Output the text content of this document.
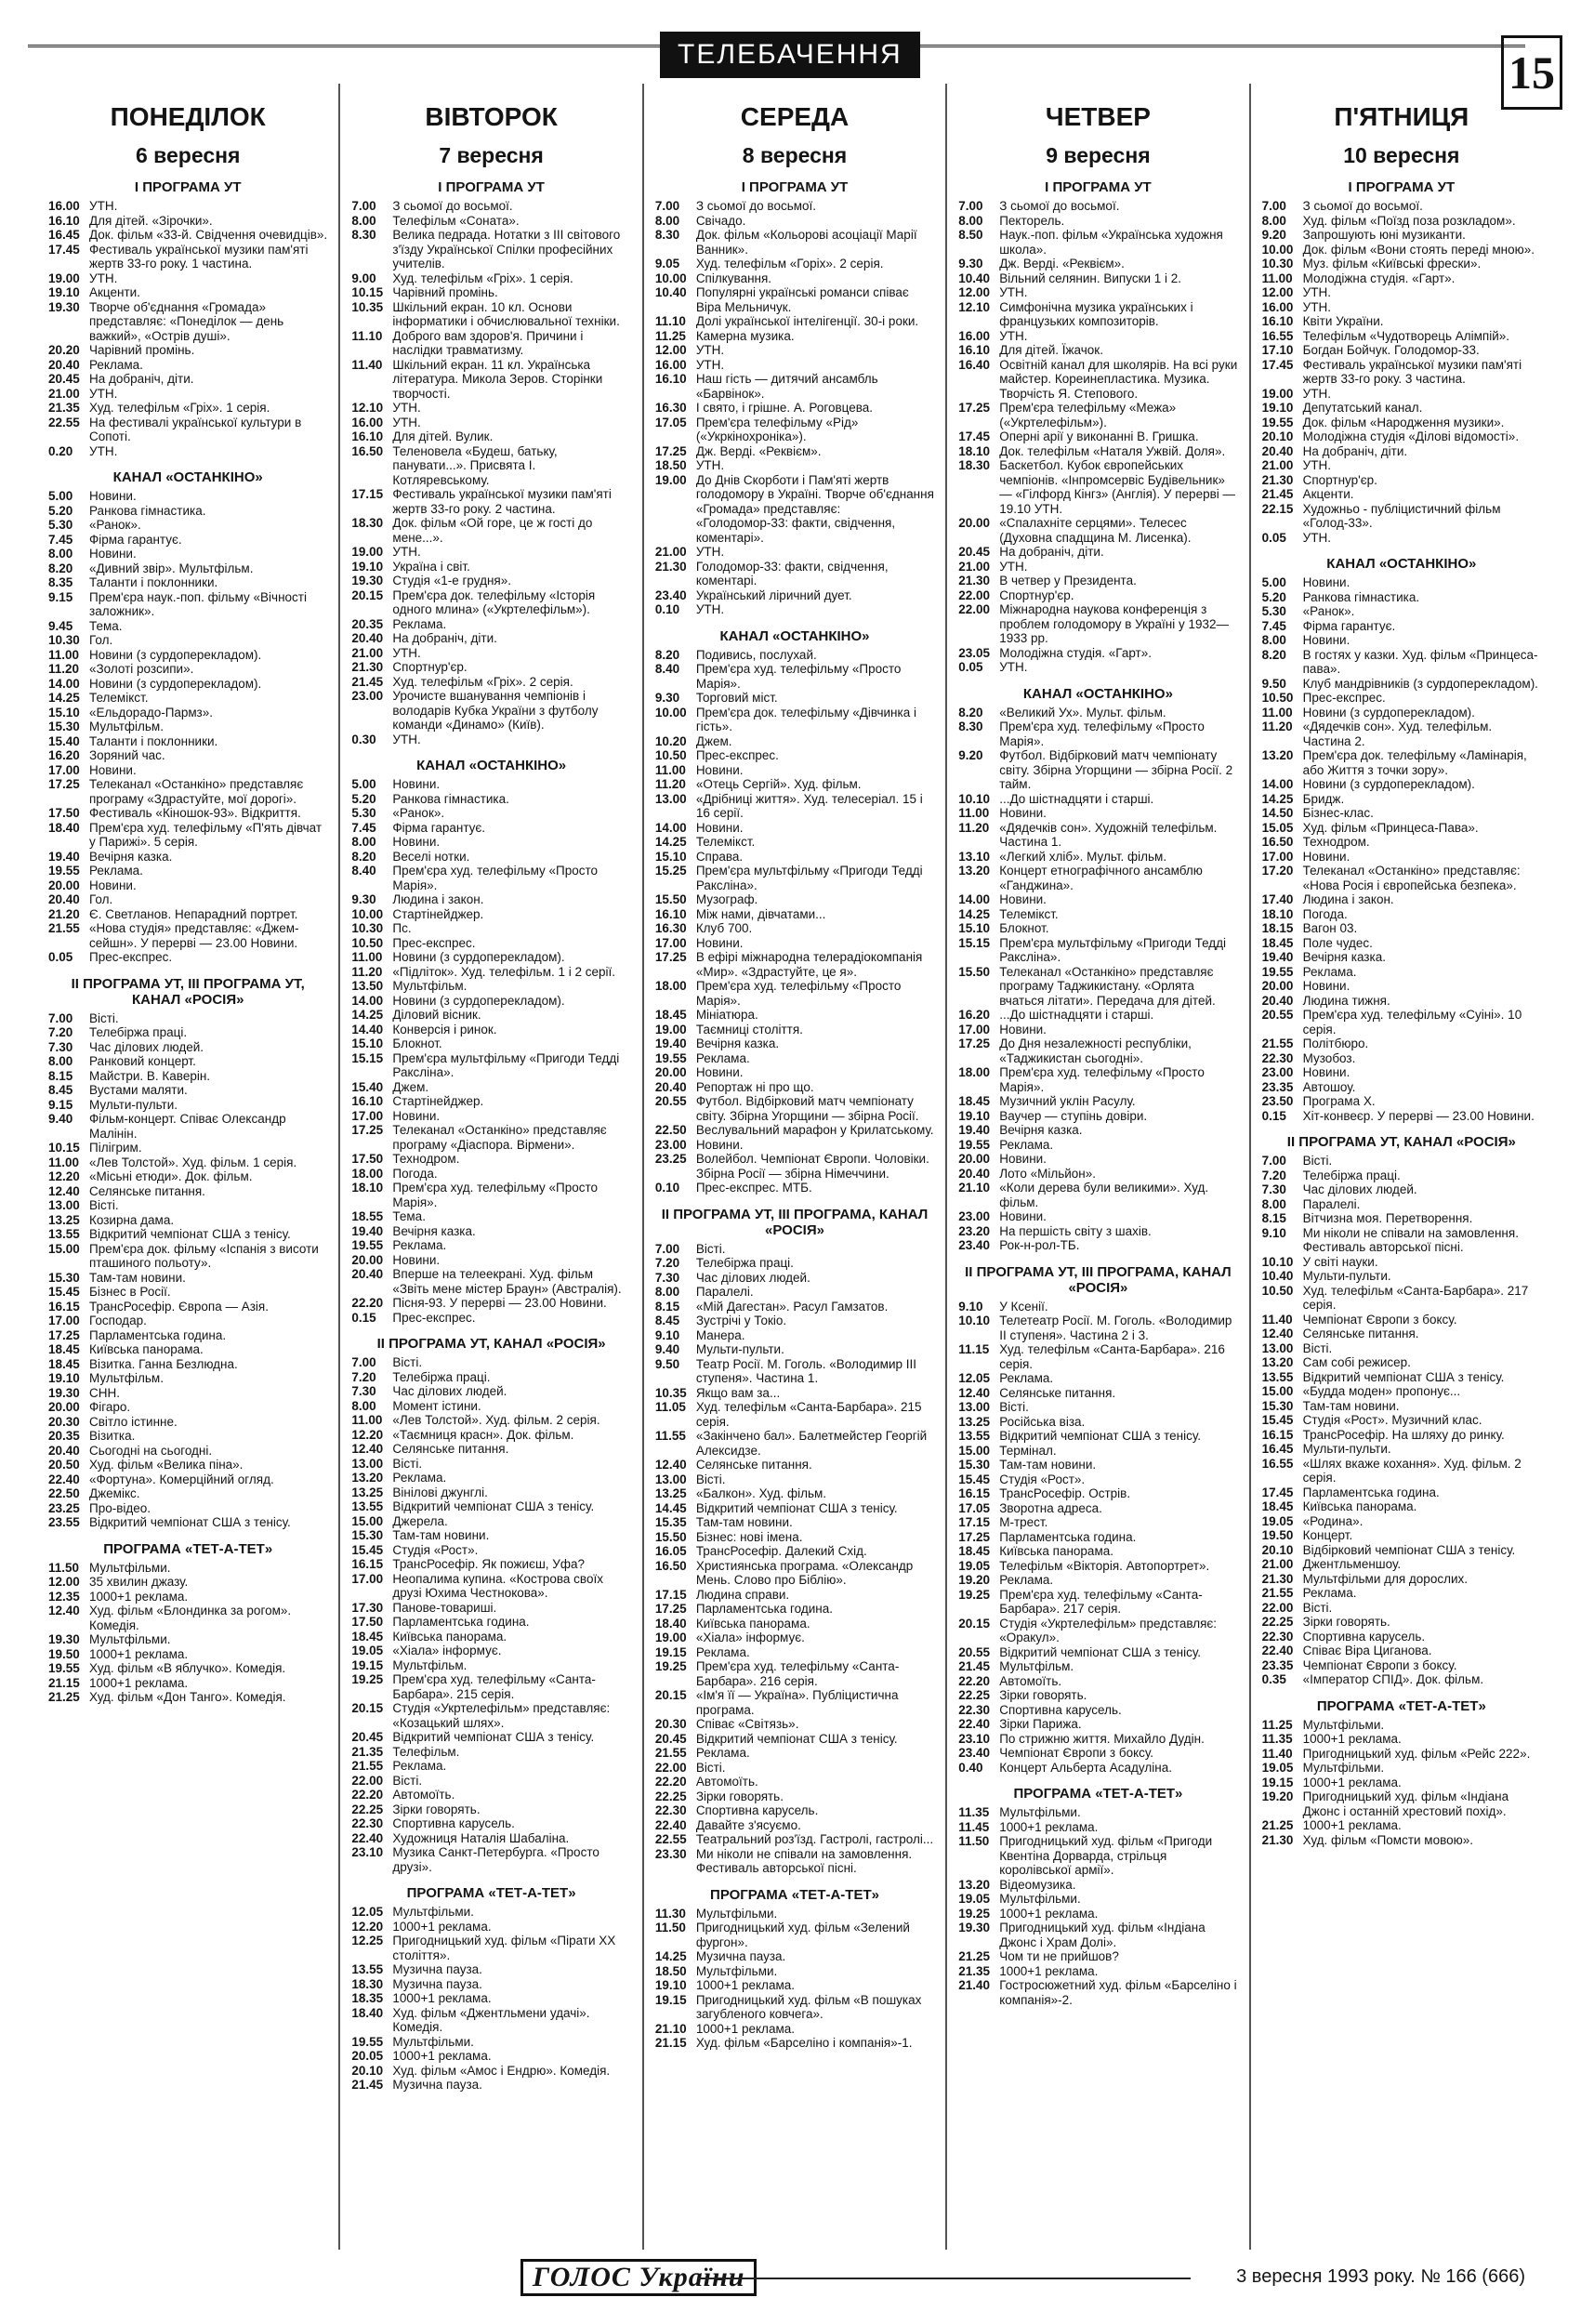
ТЕЛЕБАЧЕННЯ	15
ПОНЕДІЛОК
6 вересня
І ПРОГРАМА УТ
16.00 УТН.
16.10 Для дітей. «Зірочки».
16.45 Док. фільм «33-й. Свідчення очевидців».
17.45 Фестиваль української музики пам'яті жертв 33-го року. 1 частина.
19.00 УТН.
19.10 Акценти.
19.30 Творче об'єднання «Громада» представляє: «Понеділок — день важкий», «Острів душі».
20.20 Чарівний промінь.
20.40 Реклама.
20.45 На добраніч, діти.
21.00 УТН.
21.35 Худ. телефільм «Гріх». 1 серія.
22.55 На фестивалі української культури в Сопоті.
0.20	УТН.
КАНАЛ «ОСТАНКІНО»
5.00	Новини.
5.20	Ранкова гімнастика.
5.30	«Ранок».
7.45	Фірма гарантує.
8.00	Новини.
8.20	«Дивний звір». Мультфільм.
8.35	Таланти і поклонники.
9.15	Прем'єра наук.-поп. фільму «Вічності заложник».
9.45	Тема.
10.30 Гол.
11.00 Новини (з сурдоперекладом).
11.20 «Золоті розсипи».
14.00 Новини (з сурдоперекладом).
14.25 Телемікст.
15.10 «Ельдорадо-Пармз».
15.30 Мультфільм.
15.40 Таланти і поклонники.
16.20 Зоряний час.
17.00 Новини.
17.25 Телеканал «Останкіно» представляє програму «Здрастуйте, мої дорогі».
17.50 Фестиваль «Кіношок-93». Відкриття.
18.40 Прем'єра худ. телефільму «П'ять дівчат у Парижі». 5 серія.
19.40 Вечірня казка.
19.55 Реклама.
20.00 Новини.
20.40 Гол.
21.20 Є. Светланов. Непарадний портрет.
21.55 «Нова студія» представляє: «Джем-сейшн». У перерві — 23.00 Новини.
0.05	Прес-експрес.
ІІ ПРОГРАМА УТ, ІІІ ПРОГРАМА УТ, КАНАЛ «РОСІЯ»
7.00	Вісті.
7.20	Телебіржа праці.
7.30	Час ділових людей.
8.00	Ранковий концерт.
8.15	Майстри. В. Каверін.
8.45	Вустами маляти.
9.15	Мульти-пульти.
9.40	Фільм-концерт. Співає Олександр Малінін.
10.15 Пілігрим.
11.00 «Лев Толстой». Худ. фільм. 1 серія.
12.20 «Місьні етюди». Док. фільм.
12.40 Селянське питання.
13.00 Вісті.
13.25 Козирна дама.
13.55 Відкритий чемпіонат США з тенісу.
15.00 Прем'єра док. фільму «Іспанія з висоти пташиного польоту».
15.30 Там-там новини.
15.45 Бізнес в Росії.
16.15 ТрансРосефір. Європа — Азія.
17.00 Господар.
17.25 Парламентська година.
18.45 Київська панорама.
18.45 Візитка. Ганна Безлюдна.
19.10 Мультфільм.
19.30 СНН.
20.00 Фігаро.
20.30 Світло істинне.
20.35 Візитка.
20.40 Сьогодні на сьогодні.
20.50 Худ. фільм «Велика піна».
22.40 «Фортуна». Комерційний огляд.
22.50 Джемікс.
23.25 Про-відео.
23.55 Відкритий чемпіонат США з тенісу.
ПРОГРАМА «ТЕТ-А-ТЕТ»
11.50 Мультфільми.
12.00 35 хвилин джазу.
12.35 1000+1 реклама.
12.40 Худ. фільм «Блондинка за рогом». Комедія.
19.30 Мультфільми.
19.50 1000+1 реклама.
19.55 Худ. фільм «В яблучко». Комедія.
21.15 1000+1 реклама.
21.25 Худ. фільм «Дон Танго». Комедія.
ВІВТОРОК
7 вересня
І ПРОГРАМА УТ
7.00	З сьомої до восьмої.
8.00	Телефільм «Соната».
8.30	Велика педрада. Нотатки з ІІІ світового з'їзду Української Спілки професійних учителів.
9.00	Худ. телефільм «Гріх». 1 серія.
10.15 Чарівний промінь.
10.35 Шкільний екран. 10 кл. Основи інформатики і обчислювальної техніки.
11.10 Доброго вам здоров'я. Причини і наслідки травматизму.
11.40 Шкільний екран. 11 кл. Українська література. Микола Зеров. Сторінки творчості.
12.10 УТН.
16.00 УТН.
16.10 Для дітей. Вулик.
16.50 Теленовела «Будеш, батьку, панувати...». Присвята І. Котляревському.
17.15 Фестиваль української музики пам'яті жертв 33-го року. 2 частина.
18.30 Док. фільм «Ой горе, це ж гості до мене...».
19.00 УТН.
19.10 Україна і світ.
19.30 Студія «1-е грудня».
20.15 Прем'єра док. телефільму «Історія одного млина» («Укртелефільм»).
20.35 Реклама.
20.40 На добраніч, діти.
21.00 УТН.
21.30 Спортнур'єр.
21.45 Худ. телефільм «Гріх». 2 серія.
23.00 Урочисте вшанування чемпіонів і володарів Кубка України з футболу команди «Динамо» (Київ).
0.30	УТН.
КАНАЛ «ОСТАНКІНО»
5.00	Новини.
5.20	Ранкова гімнастика.
5.30	«Ранок».
7.45	Фірма гарантує.
8.00	Новини.
8.20	Веселі нотки.
8.40	Прем'єра худ. телефільму «Просто Марія».
9.30	Людина і закон.
10.00 Стартінейджер.
10.30 Пс.
10.50 Прес-експрес.
11.00 Новини (з сурдоперекладом).
11.20 «Підліток». Худ. телефільм. 1 і 2 серії.
13.50 Мультфільм.
14.00 Новини (з сурдоперекладом).
14.25 Діловий вісник.
14.40 Конверсія і ринок.
15.10 Блокнот.
15.15 Прем'єра мультфільму «Пригоди Тедді Раксліна».
15.40 Джем.
16.10 Стартінейджер.
17.00 Новини.
17.25 Телеканал «Останкіно» представляє програму «Діаспора. Вірмени».
17.50 Технодром.
18.00 Погода.
18.10 Прем'єра худ. телефільму «Просто Марія».
18.55 Тема.
19.40 Вечірня казка.
19.55 Реклама.
20.00 Новини.
20.40 Вперше на телеекрані. Худ. фільм «Звіть мене містер Браун» (Австралія).
22.20 Пісня-93. У перерві — 23.00 Новини.
0.15	Прес-експрес.
ІІ ПРОГРАМА УТ, КАНАЛ «РОСІЯ»
7.00	Вісті.
7.20	Телебіржа праці.
7.30	Час ділових людей.
8.00	Момент істини.
11.00 «Лев Толстой». Худ. фільм. 2 серія.
12.20 «Таємниця красн». Док. фільм.
12.40 Селянське питання.
13.00 Вісті.
13.20 Реклама.
13.25 Вінілові джунглі.
13.55 Відкритий чемпіонат США з тенісу.
15.00 Джерела.
15.30 Там-там новини.
15.45 Студія «Рост».
16.15 ТрансРосефір. Як пожиєш, Уфа?
17.00 Неопалима купина. «Кострова своїх друзі Юхима Честнокова».
17.30 Панове-товариші.
17.50 Парламентська година.
18.45 Київська панорама.
19.05 «Хіала» інформує.
19.15 Мультфільм.
19.25 Прем'єра худ. телефільму «Санта-Барбара». 215 серія.
20.15 Студія «Укртелефільм» представляє: «Козацький шлях».
20.45 Відкритий чемпіонат США з тенісу.
21.35 Телефільм.
21.55 Реклама.
22.00 Вісті.
22.20 Автомоїть.
22.25 Зірки говорять.
22.30 Спортивна карусель.
22.40 Художниця Наталія Шабаліна.
23.10 Музика Санкт-Петербурга. «Просто друзі».
ПРОГРАМА «ТЕТ-А-ТЕТ»
12.05 Мультфільми.
12.20 1000+1 реклама.
12.25 Пригодницький худ. фільм «Пірати XX століття».
13.55 Музична пауза.
18.30 Музична пауза.
18.35 1000+1 реклама.
18.40 Худ. фільм «Джентльмени удачі». Комедія.
19.55 Мультфільми.
20.05 1000+1 реклама.
20.10 Худ. фільм «Амос і Ендрю». Комедія.
21.45 Музична пауза.
СЕРЕДА
8 вересня
І ПРОГРАМА УТ
7.00	З сьомої до восьмої.
8.00	Свічадо.
8.30	Док. фільм «Кольорові асоціації Марії Ванник».
9.05	Худ. телефільм «Горіх». 2 серія.
10.00 Спілкування.
10.40 Популярні українські романси співає Віра Мельничук.
11.10 Долі української інтелігенції. 30-і роки.
11.25 Камерна музика.
12.00 УТН.
16.00 УТН.
16.10 Наш гість — дитячий ансамбль «Барвінок».
16.30 І свято, і грішне. А. Роговцева.
17.05 Прем'єра телефільму «Рід» («Укркінохроніка»).
17.25 Дж. Верді. «Реквієм».
18.50 УТН.
19.00 До Днів Скорботи і Пам'яті жертв голодомору в Україні. Творче об'єднання «Громада» представляє: «Голодомор-33: факти, свідчення, коментарі».
21.00 УТН.
21.30 Голодомор-33: факти, свідчення, коментарі.
23.40 Український ліричний дует.
0.10	УТН.
КАНАЛ «ОСТАНКІНО»
8.20	Подивись, послухай.
8.40	Прем'єра худ. телефільму «Просто Марія».
9.30	Торговий міст.
10.00 Прем'єра док. телефільму «Дівчинка і гість».
10.20 Джем.
10.50 Прес-експрес.
11.00 Новини.
11.20 «Отець Сергій». Худ. фільм.
13.00 «Дрібниці життя». Худ. телесеріал. 15 і 16 серії.
14.00 Новини.
14.25 Телемікст.
15.10 Справа.
15.25 Прем'єра мультфільму «Пригоди Тедді Раксліна».
15.50 Музограф.
16.10 Між нами, дівчатами...
16.30 Клуб 700.
17.00 Новини.
17.25 В ефірі міжнародна телерадіокомпанія «Мир». «Здрастуйте, це я».
18.00 Прем'єра худ. телефільму «Просто Марія».
18.45 Мініатюра.
19.00 Таємниці століття.
19.40 Вечірня казка.
19.55 Реклама.
20.00 Новини.
20.40 Репортаж ні про що.
20.55 Футбол. Відбірковий матч чемпіонату світу. Збірна Угорщини — збірна Росії.
22.50 Веслувальний марафон у Крилатському.
23.00 Новини.
23.25 Волейбол. Чемпіонат Європи. Чоловіки. Збірна Росії — збірна Німеччини.
0.10	Прес-експрес. МТБ.
ІІ ПРОГРАМА УТ, ІІІ ПРОГРАМА, КАНАЛ «РОСІЯ»
7.00	Вісті.
7.20	Телебіржа праці.
7.30	Час ділових людей.
8.00	Паралелі.
8.15	«Мій Дагестан». Расул Гамзатов.
8.45	Зустрічі у Токіо.
9.10	Манера.
9.40	Мульти-пульти.
9.50	Театр Росії. М. Гоголь. «Володимир ІІІ ступеня». Частина 1.
10.35 Якщо вам за...
11.05 Худ. телефільм «Санта-Барбара». 215 серія.
11.55 «Закінчено бал». Балетмейстер Георгій Алексидзе.
12.40 Селянське питання.
13.00 Вісті.
13.25 «Балкон». Худ. фільм.
14.45 Відкритий чемпіонат США з тенісу.
15.35 Там-там новини.
15.50 Бізнес: нові імена.
16.05 ТрансРосефір. Далекий Схід.
16.50 Християнська програма. «Олександр Мень. Слово про Біблію».
17.15 Людина справи.
17.25 Парламентська година.
18.40 Київська панорама.
19.00 «Хіала» інформує.
19.15 Реклама.
19.25 Прем'єра худ. телефільму «Санта-Барбара». 216 серія.
20.15 «Ім'я її — Україна». Публіцистична програма.
20.30 Співає «Світязь».
20.45 Відкритий чемпіонат США з тенісу.
21.55 Реклама.
22.00 Вісті.
22.20 Автомоїть.
22.25 Зірки говорять.
22.30 Спортивна карусель.
22.40 Давайте з'ясуємо.
22.55 Театральний роз'їзд. Гастролі, гастролі...
23.30 Ми ніколи не співали на замовлення. Фестиваль авторської пісні.
ПРОГРАМА «ТЕТ-А-ТЕТ»
11.30 Мультфільми.
11.50 Пригодницький худ. фільм «Зелений фургон».
14.25 Музична пауза.
18.50 Мультфільми.
19.10 1000+1 реклама.
19.15 Пригодницький худ. фільм «В пошуках загубленого ковчега».
21.10 1000+1 реклама.
21.15 Худ. фільм «Барселіно і компанія»-1.
ЧЕТВЕР
9 вересня
І ПРОГРАМА УТ
7.00	З сьомої до восьмої.
8.00	Пекторель.
8.50	Наук.-поп. фільм «Українська художня школа».
9.30	Дж. Верді. «Реквієм».
10.40 Вільний селянин. Випуски 1 і 2.
12.00 УТН.
12.10 Симфонічна музика українських і французьких композиторів.
16.00 УТН.
16.10 Для дітей. Їжачок.
16.40 Освітній канал для школярів. На всі руки майстер. Кореинепластика. Музика. Творчість Я. Степового.
17.25 Прем'єра телефільму «Межа» («Укртелефільм»).
17.45 Оперні арії у виконанні В. Гришка.
18.10 Док. телефільм «Наталя Ужвій. Доля».
18.30 Баскетбол. Кубок європейських чемпіонів. «Інпромсервіс Будівельник» — «Гілфорд Кінгз» (Англія). У перерві — 19.10 УТН.
20.00 «Спалахніте серцями». Телесес (Духовна спадщина М. Лисенка).
20.45 На добраніч, діти.
21.00 УТН.
21.30 В четвер у Президента.
22.00 Спортнур'єр.
22.00 Міжнародна наукова конференція з проблем голодомору в Україні у 1932—1933 рр.
23.05 Молодіжна студія. «Гарт».
0.05	УТН.
КАНАЛ «ОСТАНКІНО»
8.20	«Великий Ух». Мульт. фільм.
8.30	Прем'єра худ. телефільму «Просто Марія».
9.20	Футбол. Відбірковий матч чемпіонату світу. Збірна Угорщини — збірна Росії. 2 тайм.
10.10 ...До шістнадцяти і старші.
11.00 Новини.
11.20 «Дядечків сон». Художній телефільм. Частина 1.
13.10 «Легкий хліб». Мульт. фільм.
13.20 Концерт етнографічного ансамблю «Ганджина».
14.00 Новини.
14.25 Телемікст.
15.10 Блокнот.
15.15 Прем'єра мультфільму «Пригоди Тедді Раксліна».
15.50 Телеканал «Останкіно» представляє програму Таджикистану. «Орлята вчаться літати». Передача для дітей.
16.20 ...До шістнадцяти і старші.
17.00 Новини.
17.25 До Дня незалежності республіки, «Таджикистан сьогодні».
18.00 Прем'єра худ. телефільму «Просто Марія».
18.45 Музичний уклін Расулу.
19.10 Ваучер — ступінь довіри.
19.40 Вечірня казка.
19.55 Реклама.
20.00 Новини.
20.40 Лото «Мільйон».
21.10 «Коли дерева були великими». Худ. фільм.
23.00 Новини.
23.20 На першість світу з шахів.
23.40 Рок-н-рол-ТБ.
ІІ ПРОГРАМА УТ, ІІІ ПРОГРАМА, КАНАЛ «РОСІЯ»
9.10	У Ксенії.
10.10 Телетеатр Росії. М. Гоголь. «Володимир ІІ ступеня». Частина 2 і 3.
11.15 Худ. телефільм «Санта-Барбара». 216 серія.
12.05 Реклама.
12.40 Селянське питання.
13.00 Вісті.
13.25 Російська віза.
13.55 Відкритий чемпіонат США з тенісу.
15.00 Термінал.
15.30 Там-там новини.
15.45 Студія «Рост».
16.15 ТрансРосефір. Острів.
17.05 Зворотна адреса.
17.15 М-трест.
17.25 Парламентська година.
18.45 Київська панорама.
19.05 Телефільм «Вікторія. Автопортрет».
19.20 Реклама.
19.25 Прем'єра худ. телефільму «Санта-Барбара». 217 серія.
20.15 Студія «Укртелефільм» представляє: «Оракул».
20.55 Відкритий чемпіонат США з тенісу.
21.45 Мультфільм.
22.20 Автомоїть.
22.25 Зірки говорять.
22.30 Спортивна карусель.
22.40 Зірки Парижа.
23.10 По стрижню життя. Михайло Дудін.
23.40 Чемпіонат Європи з боксу.
0.40	Концерт Альберта Асадуліна.
ПРОГРАМА «ТЕТ-А-ТЕТ»
11.35 Мультфільми.
11.45 1000+1 реклама.
11.50 Пригодницький худ. фільм «Пригоди Квентіна Дорварда, стрільця королівської армії».
13.20 Відеомузика.
19.05 Мультфільми.
19.25 1000+1 реклама.
19.30 Пригодницький худ. фільм «Індіана Джонс і Храм Долі».
21.25 Чом ти не прийшов?
21.35 1000+1 реклама.
21.40 Гостросюжетний худ. фільм «Барселіно і компанія»-2.
П'ЯТНИЦЯ
10 вересня
І ПРОГРАМА УТ
7.00	З сьомої до восьмої.
8.00	Худ. фільм «Поїзд поза розкладом».
9.20	Запрошують юні музиканти.
10.00 Док. фільм «Вони стоять переді мною».
10.30 Муз. фільм «Київські фрески».
11.00 Молодіжна студія. «Гарт».
12.00 УТН.
16.00 УТН.
16.10 Квіти України.
16.55 Телефільм «Чудотворець Алімпій».
17.10 Богдан Бойчук. Голодомор-33.
17.45 Фестиваль української музики пам'яті жертв 33-го року. 3 частина.
19.00 УТН.
19.10 Депутатський канал.
19.55 Док. фільм «Народження музики».
20.10 Молодіжна студія «Ділові відомості».
20.40 На добраніч, діти.
21.00 УТН.
21.30 Спортнур'єр.
21.45 Акценти.
22.15 Художньо - публіцистичний фільм «Голод-33».
0.05	УТН.
КАНАЛ «ОСТАНКІНО»
5.00	Новини.
5.20	Ранкова гімнастика.
5.30	«Ранок».
7.45	Фірма гарантує.
8.00	Новини.
8.20	В гостях у казки. Худ. фільм «Принцеса-пава».
9.50	Клуб мандрівників (з сурдоперекладом).
10.50 Прес-експрес.
11.00 Новини (з сурдоперекладом).
11.20 «Дядечків сон». Худ. телефільм. Частина 2.
13.20 Прем'єра док. телефільму «Ламінарія, або Життя з точки зору».
14.00 Новини (з сурдоперекладом).
14.25 Бридж.
14.50 Бізнес-клас.
15.05 Худ. фільм «Принцеса-Пава».
16.50 Технодром.
17.00 Новини.
17.20 Телеканал «Останкіно» представляє: «Нова Росія і європейська безпека».
17.40 Людина і закон.
18.10 Погода.
18.15 Вагон 03.
18.45 Поле чудес.
19.40 Вечірня казка.
19.55 Реклама.
20.00 Новини.
20.40 Людина тижня.
20.55 Прем'єра худ. телефільму «Суіні». 10 серія.
21.55 Політбюро.
22.30 Музобоз.
23.00 Новини.
23.35 Автошоу.
23.50 Програма Х.
0.15	Хіт-конвеєр. У перерві — 23.00 Новини.
ІІ ПРОГРАМА УТ, КАНАЛ «РОСІЯ»
7.00	Вісті.
7.20	Телебіржа праці.
7.30	Час ділових людей.
8.00	Паралелі.
8.15	Вітчизна моя. Перетворення.
9.10	Ми ніколи не співали на замовлення. Фестиваль авторської пісні.
10.10 У світі науки.
10.40 Мульти-пульти.
10.50 Худ. телефільм «Санта-Барбара». 217 серія.
11.40 Чемпіонат Європи з боксу.
12.40 Селянське питання.
13.00 Вісті.
13.20 Сам собі режисер.
13.55 Відкритий чемпіонат США з тенісу.
15.00 «Будда моден» пропонує...
15.30 Там-там новини.
15.45 Студія «Рост». Музичний клас.
16.15 ТрансРосефір. На шляху до ринку.
16.45 Мульти-пульти.
16.55 «Шлях вкаже кохання». Худ. фільм. 2 серія.
17.45 Парламентська година.
18.45 Київська панорама.
19.05 «Родина».
19.50 Концерт.
20.10 Відбірковий чемпіонат США з тенісу.
21.00 Джентльменшоу.
21.30 Мультфільми для дорослих.
21.55 Реклама.
22.00 Вісті.
22.25 Зірки говорять.
22.30 Спортивна карусель.
22.40 Співає Віра Циганова.
23.35 Чемпіонат Європи з боксу.
0.35	«Імператор СПІД». Док. фільм.
ПРОГРАМА «ТЕТ-А-ТЕТ»
11.25 Мультфільми.
11.35 1000+1 реклама.
11.40 Пригодницький худ. фільм «Рейс 222».
19.05 Мультфільми.
19.15 1000+1 реклама.
19.20 Пригодницький худ. фільм «Індіана Джонс і останній хрестовий похід».
21.25 1000+1 реклама.
21.30 Худ. фільм «Помсти мовою».
ГОЛОС України	3 вересня 1993 року. № 166 (666)
